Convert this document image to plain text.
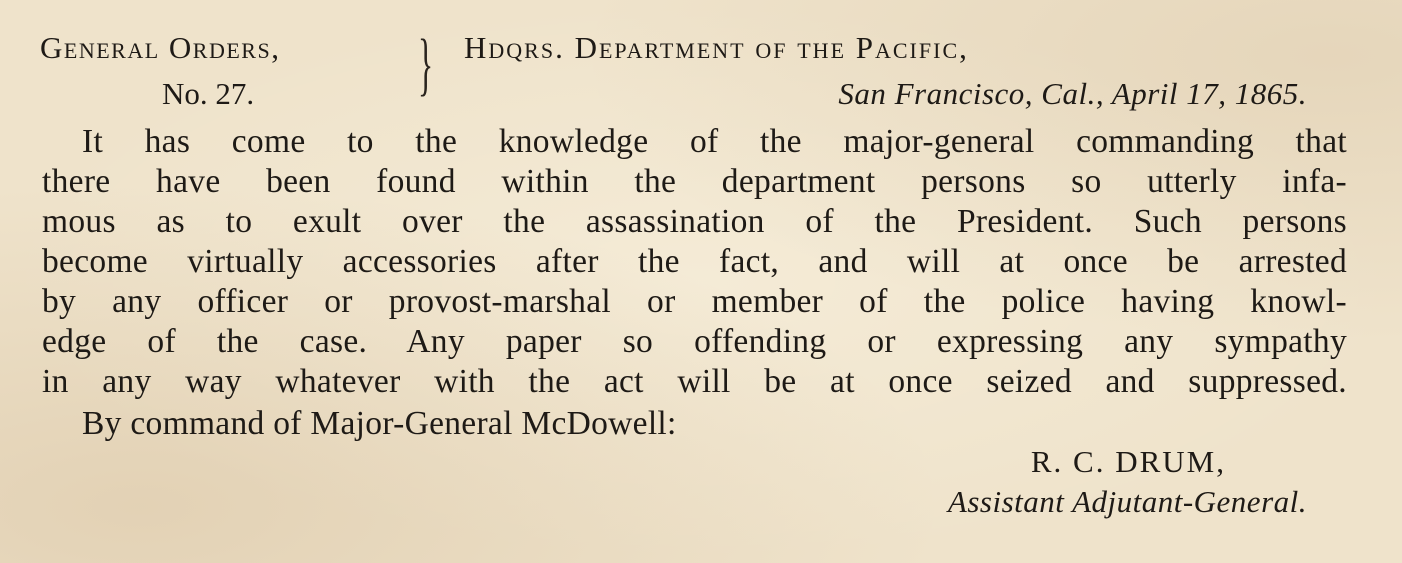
General Orders,
No. 27. } Hdqrs. Department of the Pacific,
San Francisco, Cal., April 17, 1865.
It has come to the knowledge of the major-general commanding that
there have been found within the department persons so utterly infa-
mous as to exult over the assassination of the President. Such persons
become virtually accessories after the fact, and will at once be arrested
by any officer or provost-marshal or member of the police having knowl-
edge of the case. Any paper so offending or expressing any sympathy
in any way whatever with the act will be at once seized and suppressed.
By command of Major-General McDowell:
R. C. DRUM,
Assistant Adjutant-General.
